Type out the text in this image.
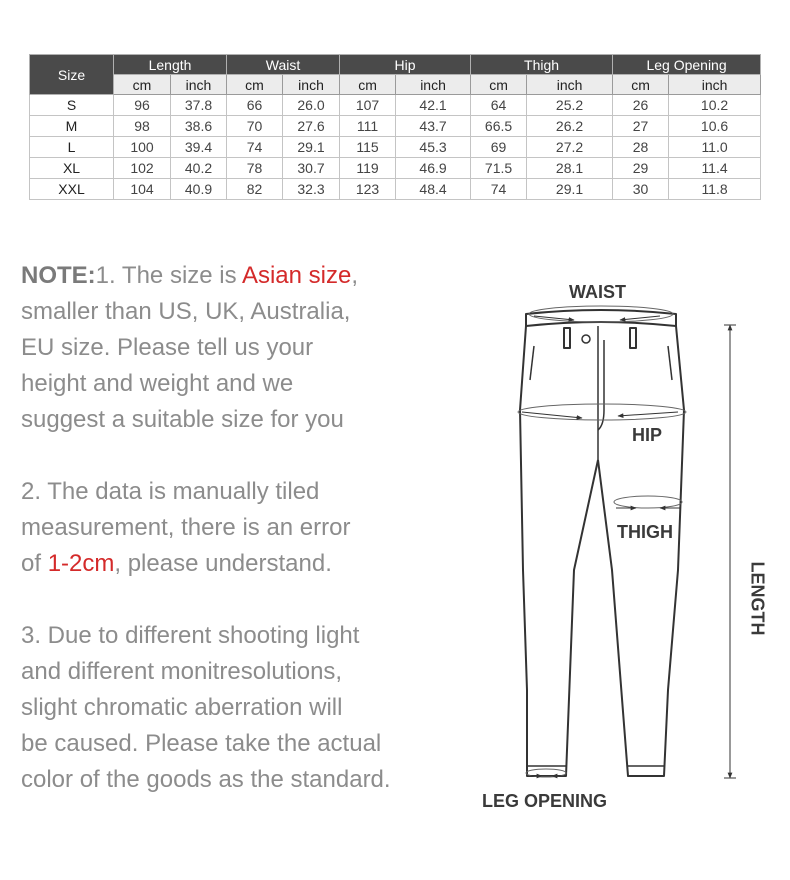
Size	Length		Waist		Hip		Thigh		Leg Opening	
	cm	inch	cm	inch	cm	inch	cm	inch	cm	inch
S	96	37.8	66	26.0	107	42.1	64	25.2	26	10.2
M	98	38.6	70	27.6	111	43.7	66.5	26.2	27	10.6
L	100	39.4	74	29.1	115	45.3	69	27.2	28	11.0
XL	102	40.2	78	30.7	119	46.9	71.5	28.1	29	11.4
XXL	104	40.9	82	32.3	123	48.4	74	29.1	30	11.8

NOTE:1. The size is Asian size,
smaller than US, UK, Australia,
EU size. Please tell us your
height and weight and we
suggest a suitable size for you

2. The data is manually tiled
measurement, there is an error
of 1-2cm, please understand.

3. Due to different shooting light
and different monitresolutions,
slight chromatic aberration will
be caused. Please take the actual
color of the goods as the standard.

WAIST
HIP
THIGH
LENGTH
LEG OPENING
